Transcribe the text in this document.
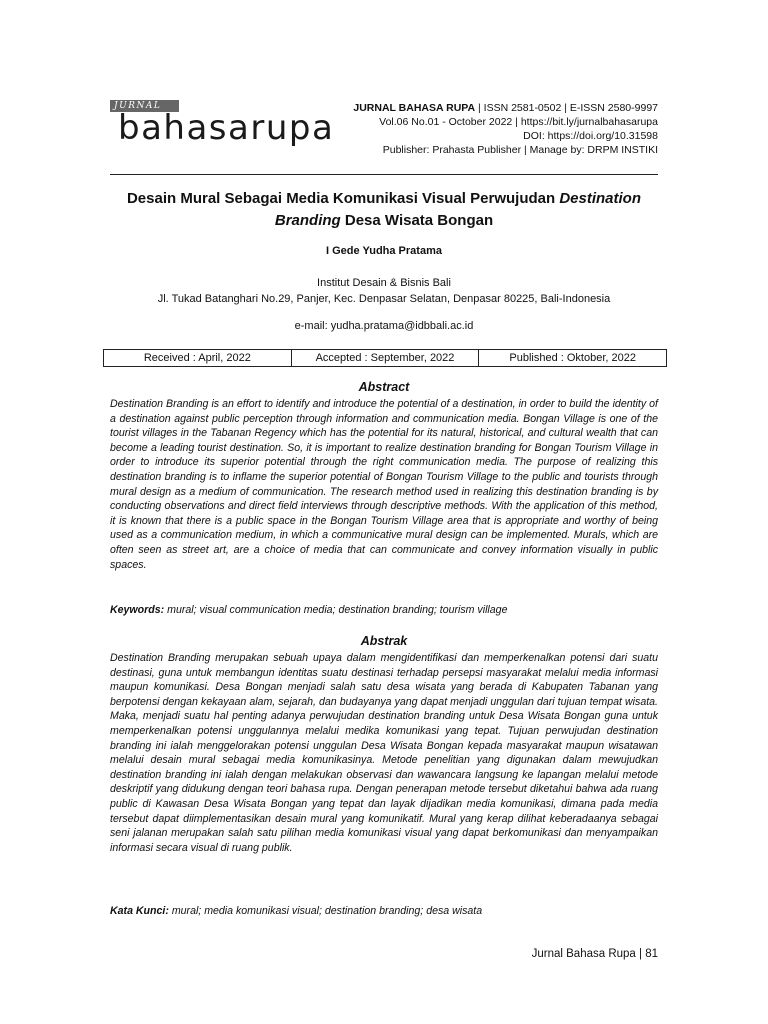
JURNAL
bahasarupa JURNAL BAHASA RUPA | ISSN 2581-0502 | E-ISSN 2580-9997
Vol.06 No.01 - October 2022 | https://bit.ly/jurnalbahasarupa
DOI: https://doi.org/10.31598
Publisher: Prahasta Publisher | Manage by: DRPM INSTIKI
Desain Mural Sebagai Media Komunikasi Visual Perwujudan Destination
Branding Desa Wisata Bongan
I Gede Yudha Pratama
Institut Desain & Bisnis Bali
Jl. Tukad Batanghari No.29, Panjer, Kec. Denpasar Selatan, Denpasar 80225, Bali-Indonesia
e-mail: yudha.pratama@idbbali.ac.id
Received : April, 2022	Accepted : September, 2022	Published : Oktober, 2022
Abstract
Destination Branding is an effort to identify and introduce the potential of a destination, in order to build the identity of a destination against public perception through information and communication media. Bongan Village is one of the tourist villages in the Tabanan Regency which has the potential for its natural, historical, and cultural wealth that can become a leading tourist destination. So, it is important to realize destination branding for Bongan Tourism Village in order to introduce its superior potential through the right communication media. The purpose of realizing this destination branding is to inflame the superior potential of Bongan Tourism Village to the public and tourists through mural design as a medium of communication. The research method used in realizing this destination branding is by conducting observations and direct field interviews through descriptive methods. With the application of this method, it is known that there is a public space in the Bongan Tourism Village area that is appropriate and worthy of being used as a communication medium, in which a communicative mural design can be implemented. Murals, which are often seen as street art, are a choice of media that can communicate and convey information visually in public spaces.
Keywords: mural; visual communication media; destination branding; tourism village
Abstrak
Destination Branding merupakan sebuah upaya dalam mengidentifikasi dan memperkenalkan potensi dari suatu destinasi, guna untuk membangun identitas suatu destinasi terhadap persepsi masyarakat melalui media informasi maupun komunikasi. Desa Bongan menjadi salah satu desa wisata yang berada di Kabupaten Tabanan yang berpotensi dengan kekayaan alam, sejarah, dan budayanya yang dapat menjadi unggulan dari tujuan tempat wisata. Maka, menjadi suatu hal penting adanya perwujudan destination branding untuk Desa Wisata Bongan guna untuk memperkenalkan potensi unggulannya melalui medika komunikasi yang tepat. Tujuan perwujudan destination branding ini ialah menggelorakan potensi unggulan Desa Wisata Bongan kepada masyarakat maupun wisatawan melalui desain mural sebagai media komunikasinya. Metode penelitian yang digunakan dalam mewujudkan destination branding ini ialah dengan melakukan observasi dan wawancara langsung ke lapangan melalui metode deskriptif yang didukung dengan teori bahasa rupa. Dengan penerapan metode tersebut diketahui bahwa ada ruang public di Kawasan Desa Wisata Bongan yang tepat dan layak dijadikan media komunikasi, dimana pada media tersebut dapat diimplementasikan desain mural yang komunikatif. Mural yang kerap dilihat keberadaanya sebagai seni jalanan merupakan salah satu pilihan media komunikasi visual yang dapat berkomunikasi dan menyampaikan informasi secara visual di ruang publik.
Kata Kunci: mural; media komunikasi visual; destination branding; desa wisata
Jurnal Bahasa Rupa | 81
